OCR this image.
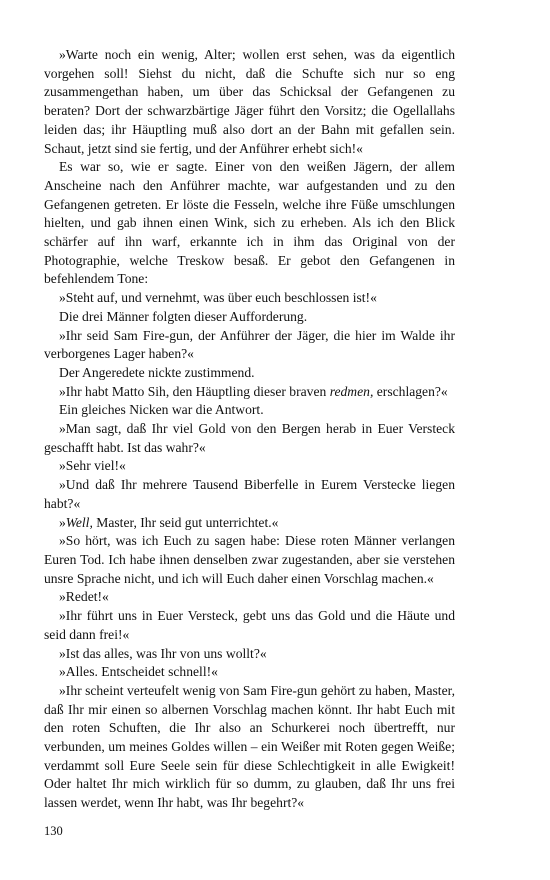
»Warte noch ein wenig, Alter; wollen erst sehen, was da eigentlich vorgehen soll! Siehst du nicht, daß die Schufte sich nur so eng zusammengethan haben, um über das Schicksal der Gefangenen zu beraten? Dort der schwarzbärtige Jäger führt den Vorsitz; die Ogellallahs leiden das; ihr Häuptling muß also dort an der Bahn mit gefallen sein. Schaut, jetzt sind sie fertig, und der Anführer erhebt sich!«

Es war so, wie er sagte. Einer von den weißen Jägern, der allem Anscheine nach den Anführer machte, war aufgestanden und zu den Gefangenen getreten. Er löste die Fesseln, welche ihre Füße umschlungen hielten, und gab ihnen einen Wink, sich zu erheben. Als ich den Blick schärfer auf ihn warf, erkannte ich in ihm das Original von der Photographie, welche Treskow besaß. Er gebot den Gefangenen in befehlendem Tone:

»Steht auf, und vernehmt, was über euch beschlossen ist!«

Die drei Männer folgten dieser Aufforderung.

»Ihr seid Sam Fire-gun, der Anführer der Jäger, die hier im Walde ihr verborgenes Lager haben?«

Der Angeredete nickte zustimmend.

»Ihr habt Matto Sih, den Häuptling dieser braven redmen, erschlagen?«

Ein gleiches Nicken war die Antwort.

»Man sagt, daß Ihr viel Gold von den Bergen herab in Euer Versteck geschafft habt. Ist das wahr?«

»Sehr viel!«

»Und daß Ihr mehrere Tausend Biberfelle in Eurem Verstecke liegen habt?«

»Well, Master, Ihr seid gut unterrichtet.«

»So hört, was ich Euch zu sagen habe: Diese roten Männer verlangen Euren Tod. Ich habe ihnen denselben zwar zugestanden, aber sie verstehen unsre Sprache nicht, und ich will Euch daher einen Vorschlag machen.«

»Redet!«

»Ihr führt uns in Euer Versteck, gebt uns das Gold und die Häute und seid dann frei!«

»Ist das alles, was Ihr von uns wollt?«

»Alles. Entscheidet schnell!«

»Ihr scheint verteufelt wenig von Sam Fire-gun gehört zu haben, Master, daß Ihr mir einen so albernen Vorschlag machen könnt. Ihr habt Euch mit den roten Schuften, die Ihr also an Schurkerei noch übertrefft, nur verbunden, um meines Goldes willen – ein Weißer mit Roten gegen Weiße; verdammt soll Eure Seele sein für diese Schlechtigkeit in alle Ewigkeit! Oder haltet Ihr mich wirklich für so dumm, zu glauben, daß Ihr uns frei lassen werdet, wenn Ihr habt, was Ihr begehrt?«

130
